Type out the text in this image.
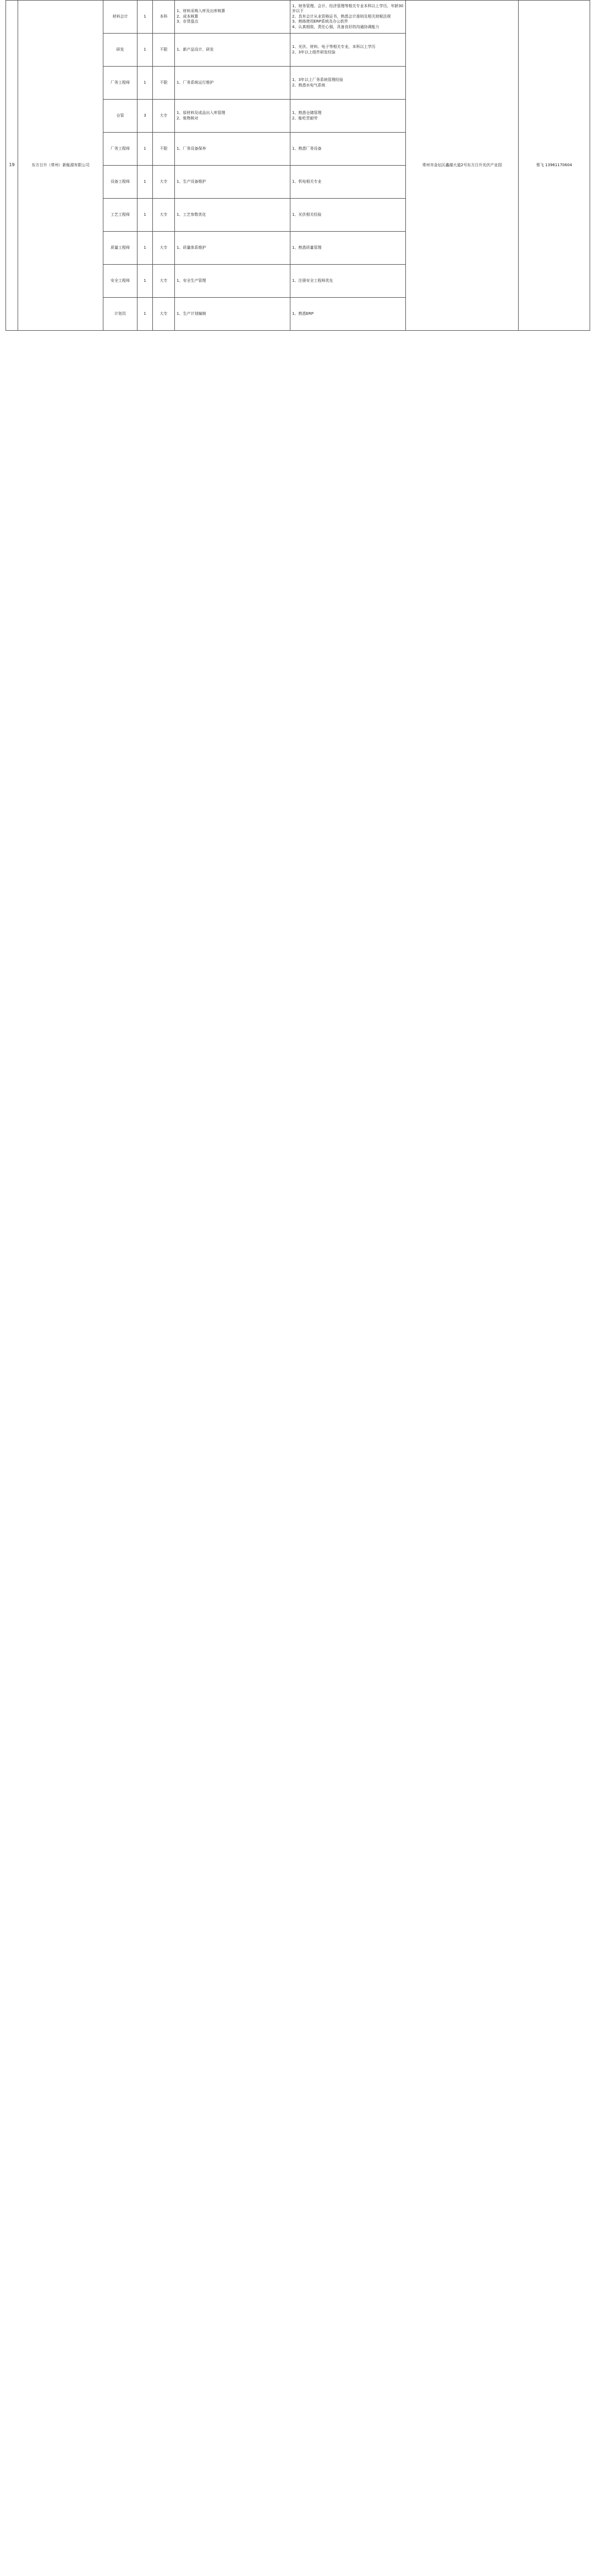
19	东方日升（常州）新能源有限公司	材料会计	1	本科	1、材料采购入库及出库核算
2、成本核算
3、存货盘点	1、财务管理、会计、经济管理等相关专业本科以上学历，年龄30岁以下
2、具有会计从业资格证书，熟悉会计准则及相关财税法规
3、熟练使用ERP系统及办公软件
4、认真细致，责任心强，具备良好的沟通协调能力	常州市金坛区鑫湖大道2号东方日升光伏产业园	蔡飞 13961170604
		研发	1	不限	1、新产品设计、研发	1、光伏、材料、电子等相关专业，本科以上学历
2、3年以上组件研发经验		

		厂务工程师	1	不限	1、厂务系统运行维护	1、3年以上厂务系统管理经验
2、熟悉水电气系统		

		仓管	3	大专	1、原材料及成品出入库管理
2、账物核对	1、熟悉仓储管理
2、能吃苦耐劳		

		厂务工程师	1	不限	1、厂务设备保养	1、熟悉厂务设备		

		设备工程师	1	大专	1、生产设备维护	1、机电相关专业		

		工艺工程师	1	大专	1、工艺参数优化	1、光伏相关经验		

		质量工程师	1	大专	1、质量体系维护	1、熟悉质量管理		

		安全工程师	1	大专	1、安全生产管理	1、注册安全工程师优先		

		计划员	1	大专	1、生产计划编制	1、熟悉ERP		
